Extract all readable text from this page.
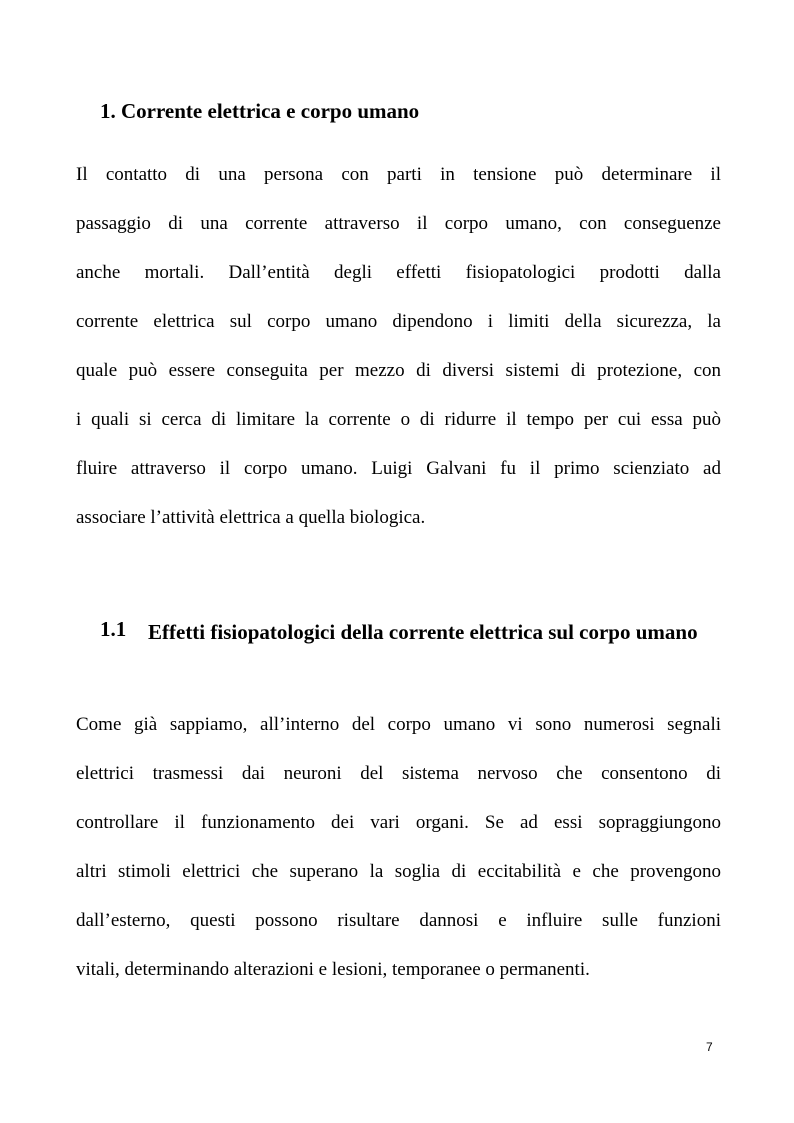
1. Corrente elettrica e corpo umano
Il contatto di una persona con parti in tensione può determinare il
passaggio di una corrente attraverso il corpo umano, con conseguenze
anche mortali. Dall’entità degli effetti fisiopatologici prodotti dalla
corrente elettrica sul corpo umano dipendono i limiti della sicurezza, la
quale può essere conseguita per mezzo di diversi sistemi di protezione, con
i quali si cerca di limitare la corrente o di ridurre il tempo per cui essa può
fluire attraverso il corpo umano. Luigi Galvani fu il primo scienziato ad
associare l’attività elettrica a quella biologica.
1.1 Effetti fisiopatologici della corrente elettrica sul corpo umano
Come già sappiamo, all’interno del corpo umano vi sono numerosi segnali
elettrici trasmessi dai neuroni del sistema nervoso che consentono di
controllare il funzionamento dei vari organi. Se ad essi sopraggiungono
altri stimoli elettrici che superano la soglia di eccitabilità e che provengono
dall’esterno, questi possono risultare dannosi e influire sulle funzioni
vitali, determinando alterazioni e lesioni, temporanee o permanenti.
7
